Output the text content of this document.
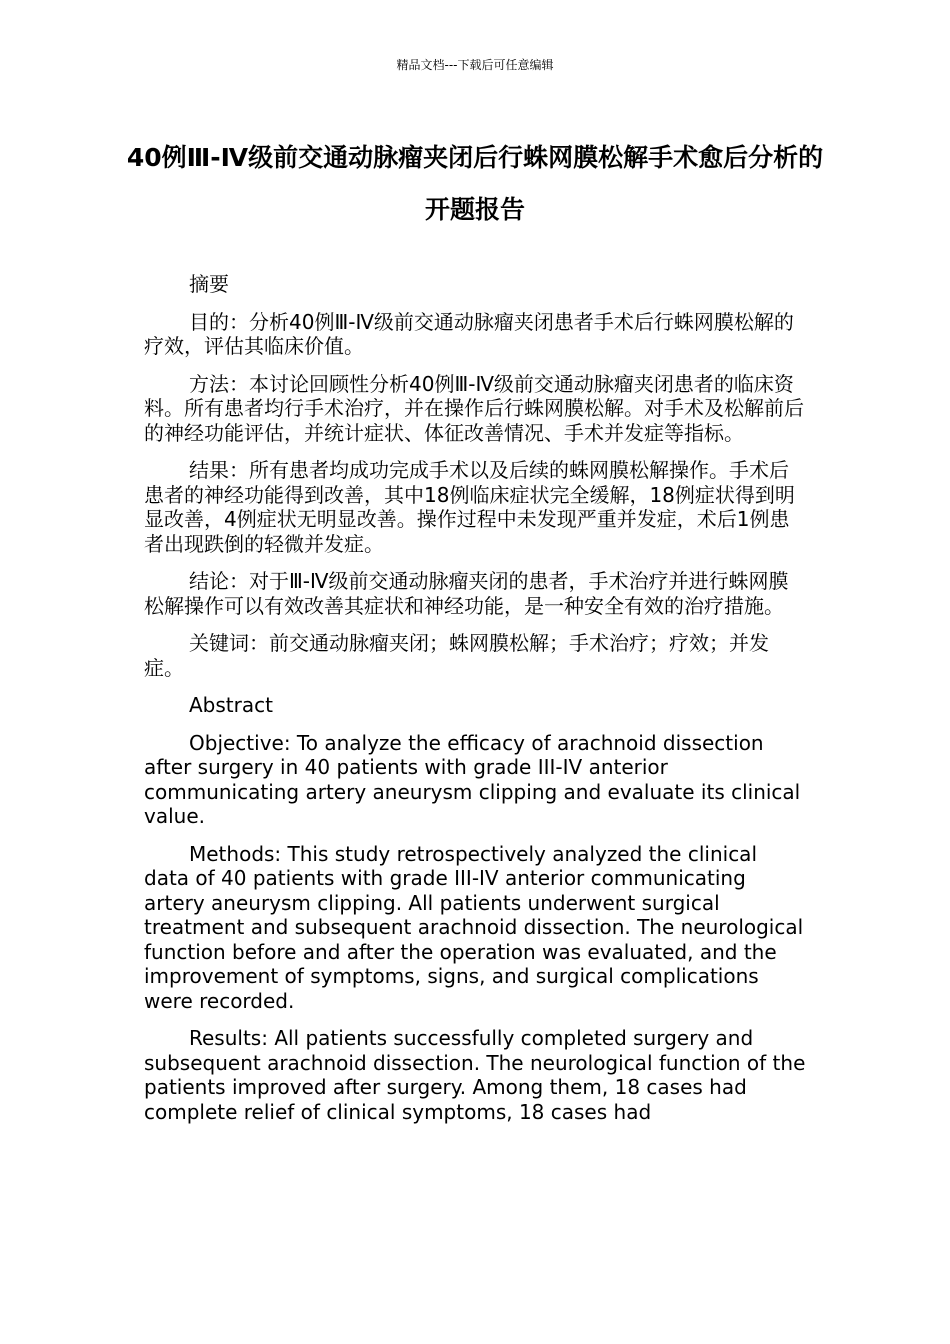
精品文档---下载后可任意编辑
40例Ⅲ-Ⅳ级前交通动脉瘤夹闭后行蛛网膜松解手术愈后分析的开题报告

摘要

目的：分析40例Ⅲ-Ⅳ级前交通动脉瘤夹闭患者手术后行蛛网膜松解的疗效，评估其临床价值。

方法：本讨论回顾性分析40例Ⅲ-Ⅳ级前交通动脉瘤夹闭患者的临床资料。所有患者均行手术治疗，并在操作后行蛛网膜松解。对手术及松解前后的神经功能评估，并统计症状、体征改善情况、手术并发症等指标。

结果：所有患者均成功完成手术以及后续的蛛网膜松解操作。手术后患者的神经功能得到改善，其中18例临床症状完全缓解，18例症状得到明显改善，4例症状无明显改善。操作过程中未发现严重并发症，术后1例患者出现跌倒的轻微并发症。

结论：对于Ⅲ-Ⅳ级前交通动脉瘤夹闭的患者，手术治疗并进行蛛网膜松解操作可以有效改善其症状和神经功能，是一种安全有效的治疗措施。

关键词：前交通动脉瘤夹闭；蛛网膜松解；手术治疗；疗效；并发症。

Abstract

Objective: To analyze the efficacy of arachnoid dissection after surgery in 40 patients with grade III-IV anterior communicating artery aneurysm clipping and evaluate its clinical value.

Methods: This study retrospectively analyzed the clinical data of 40 patients with grade III-IV anterior communicating artery aneurysm clipping. All patients underwent surgical treatment and subsequent arachnoid dissection. The neurological function before and after the operation was evaluated, and the improvement of symptoms, signs, and surgical complications were recorded.

Results: All patients successfully completed surgery and subsequent arachnoid dissection. The neurological function of the patients improved after surgery. Among them, 18 cases had complete relief of clinical symptoms, 18 cases had
